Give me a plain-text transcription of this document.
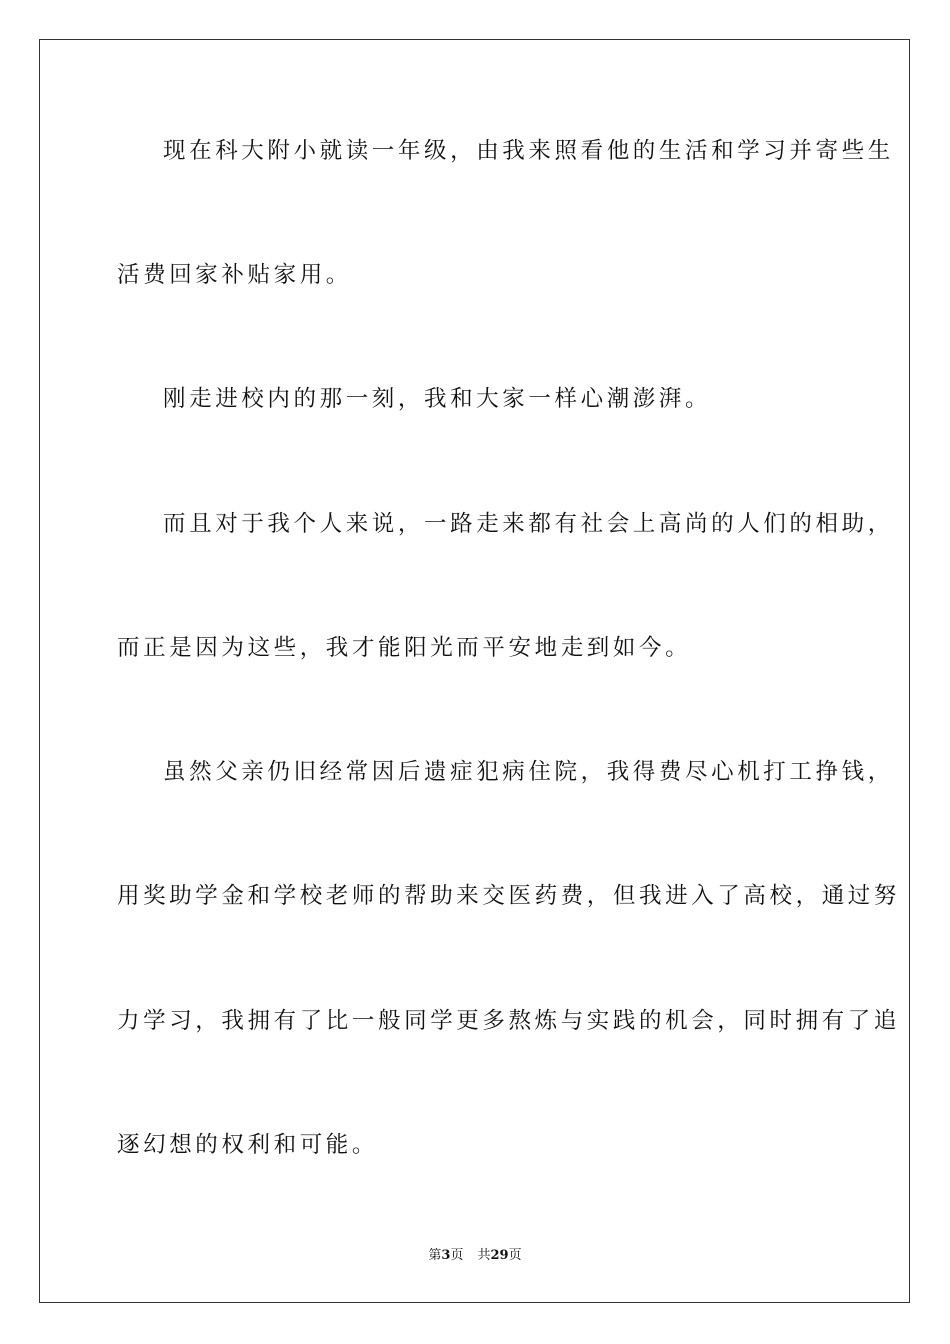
现在科大附小就读一年级，由我来照看他的生活和学习并寄些生
活费回家补贴家用。
刚走进校内的那一刻，我和大家一样心潮澎湃。
而且对于我个人来说，一路走来都有社会上高尚的人们的相助，
而正是因为这些，我才能阳光而平安地走到如今。
虽然父亲仍旧经常因后遗症犯病住院，我得费尽心机打工挣钱，
用奖助学金和学校老师的帮助来交医药费，但我进入了高校，通过努
力学习，我拥有了比一般同学更多熬炼与实践的机会，同时拥有了追
逐幻想的权利和可能。
第3页 共29页
